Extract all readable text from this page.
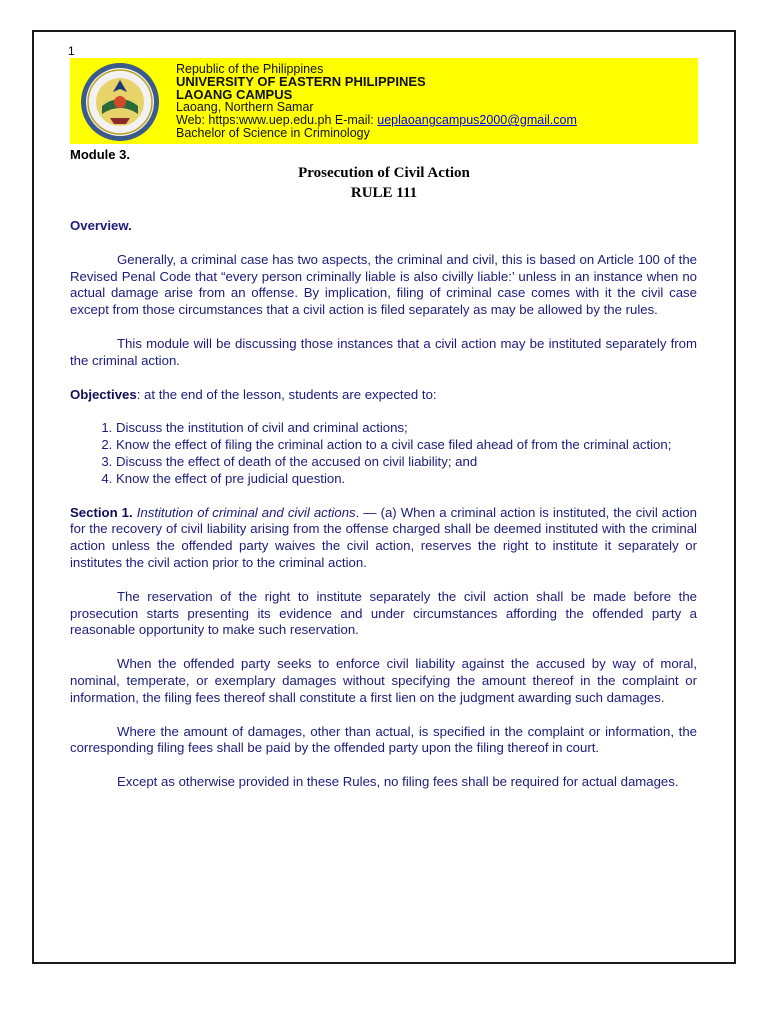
1
Republic of the Philippines
UNIVERSITY OF EASTERN PHILIPPINES
LAOANG CAMPUS
Laoang, Northern Samar
Web: https:www.uep.edu.ph E-mail: ueplaoangcampus2000@gmail.com
Bachelor of Science in Criminology
Module 3.
Prosecution of Civil Action
RULE 111

Overview.

Generally, a criminal case has two aspects, the criminal and civil, this is based on Article 100 of the Revised Penal Code that “every person criminally liable is also civilly liable:’ unless in an instance when no actual damage arise from an offense. By implication, filing of criminal case comes with it the civil case except from those circumstances that a civil action is filed separately as may be allowed by the rules.

This module will be discussing those instances that a civil action may be instituted separately from the criminal action.

Objectives: at the end of the lesson, students are expected to:

1. Discuss the institution of civil and criminal actions;
2. Know the effect of filing the criminal action to a civil case filed ahead of from the criminal action;
3. Discuss the effect of death of the accused on civil liability; and
4. Know the effect of pre judicial question.

Section 1. Institution of criminal and civil actions. — (a) When a criminal action is instituted, the civil action for the recovery of civil liability arising from the offense charged shall be deemed instituted with the criminal action unless the offended party waives the civil action, reserves the right to institute it separately or institutes the civil action prior to the criminal action.

The reservation of the right to institute separately the civil action shall be made before the prosecution starts presenting its evidence and under circumstances affording the offended party a reasonable opportunity to make such reservation.

When the offended party seeks to enforce civil liability against the accused by way of moral, nominal, temperate, or exemplary damages without specifying the amount thereof in the complaint or information, the filing fees thereof shall constitute a first lien on the judgment awarding such damages.

Where the amount of damages, other than actual, is specified in the complaint or information, the corresponding filing fees shall be paid by the offended party upon the filing thereof in court.

Except as otherwise provided in these Rules, no filing fees shall be required for actual damages.
